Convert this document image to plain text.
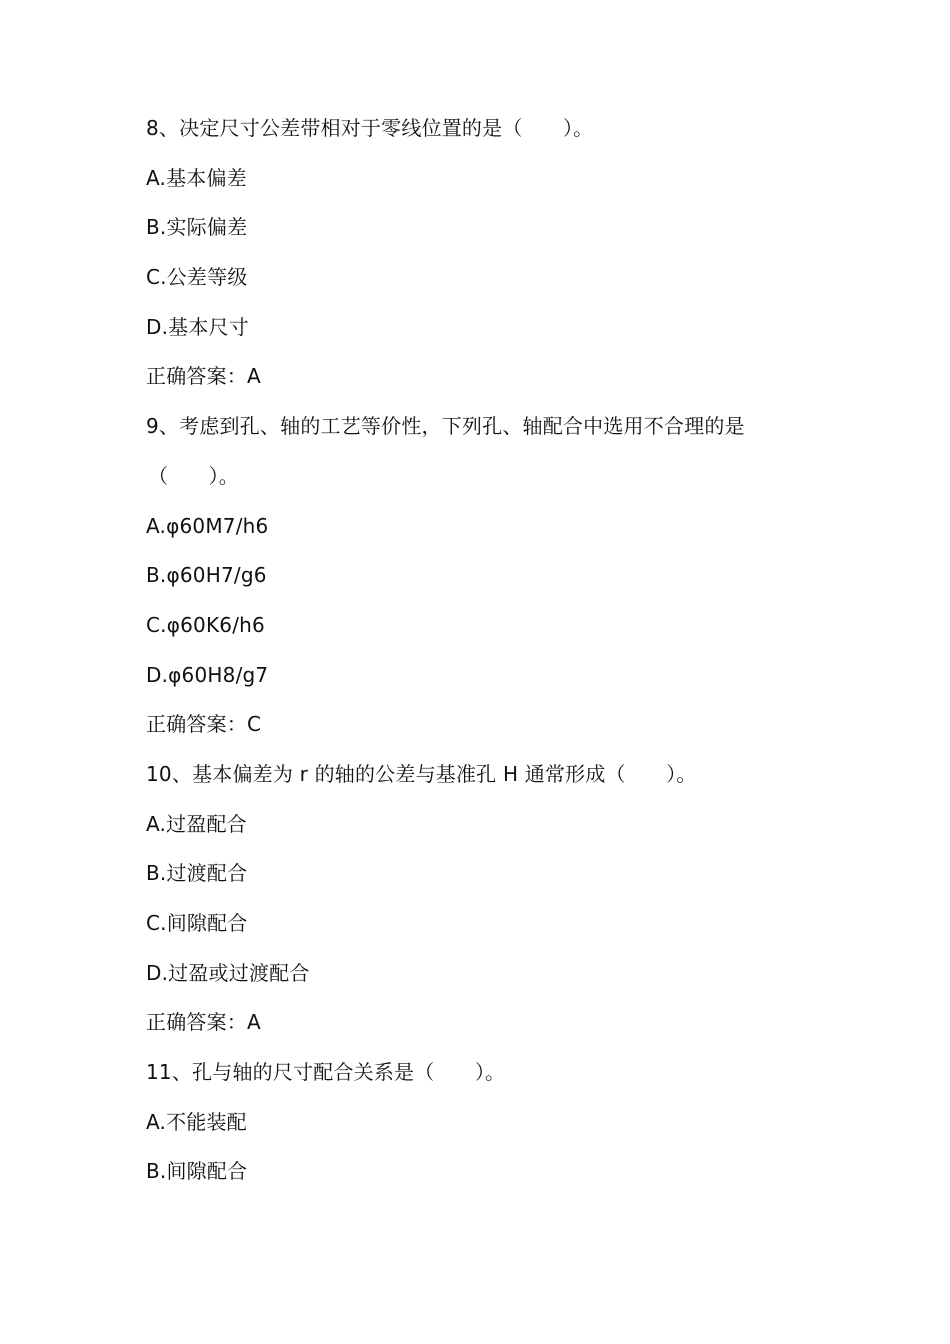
8、决定尺寸公差带相对于零线位置的是（　　）。
A.基本偏差
B.实际偏差
C.公差等级
D.基本尺寸
正确答案：A
9、考虑到孔、轴的工艺等价性，下列孔、轴配合中选用不合理的是
（　　）。
A.φ60M7/h6
B.φ60H7/g6
C.φ60K6/h6
D.φ60H8/g7
正确答案：C
10、基本偏差为 r 的轴的公差与基准孔 H 通常形成（　　）。
A.过盈配合
B.过渡配合
C.间隙配合
D.过盈或过渡配合
正确答案：A
11、孔与轴的尺寸配合关系是（　　）。
A.不能装配
B.间隙配合
